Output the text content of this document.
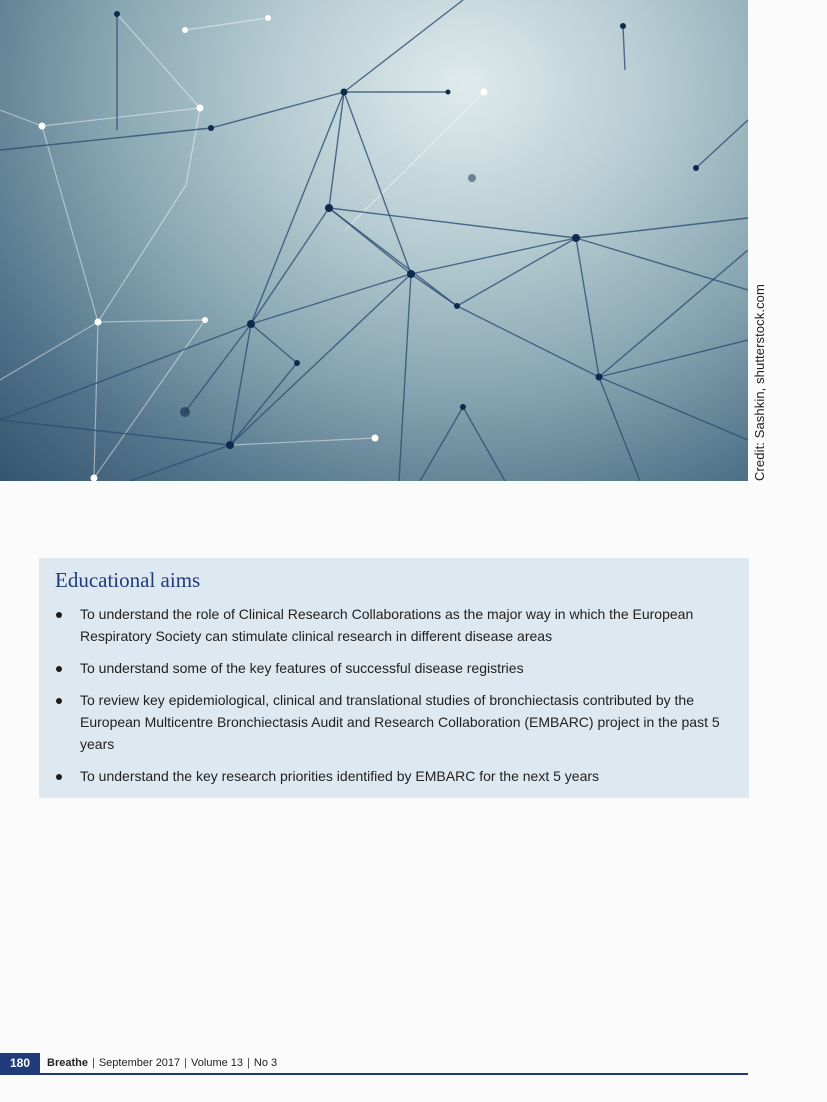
Credit: Sashkin, shutterstock.com
Educational aims
To understand the role of Clinical Research Collaborations as the major way in which the European Respiratory Society can stimulate clinical research in different disease areas
To understand some of the key features of successful disease registries
To review key epidemiological, clinical and translational studies of bronchiectasis contributed by the European Multicentre Bronchiectasis Audit and Research Collaboration (EMBARC) project in the past 5 years
To understand the key research priorities identified by EMBARC for the next 5 years
180	Breathe | September 2017 | Volume 13 | No 3
